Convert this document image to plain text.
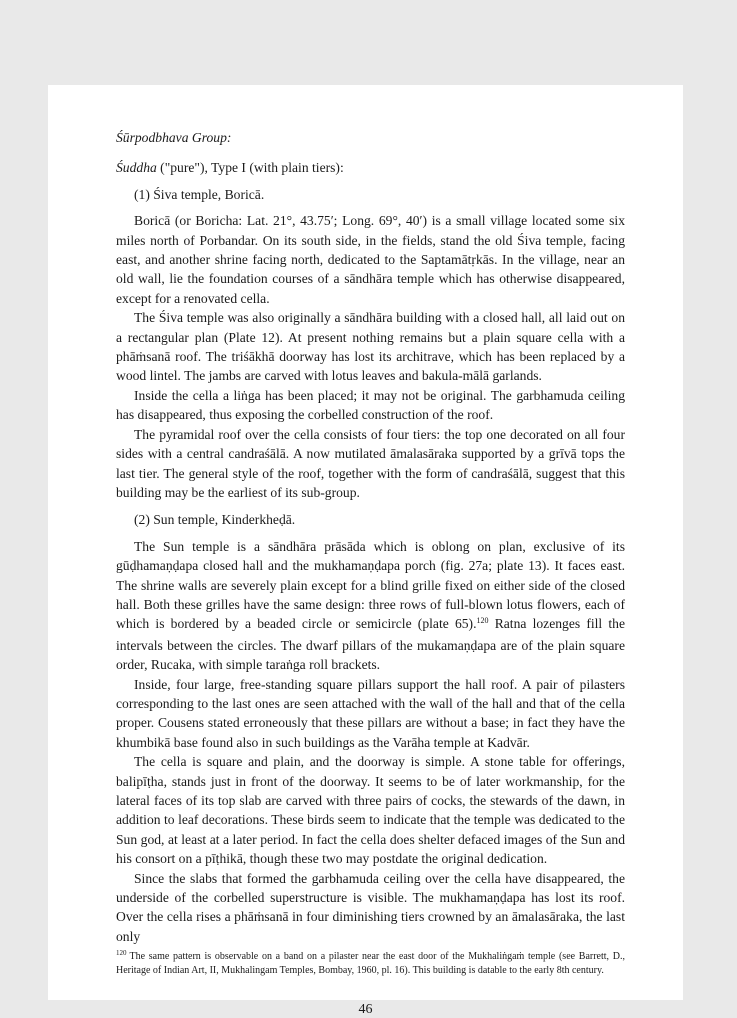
Śūrpodbhava Group:

Śuddha ("pure"), Type I (with plain tiers):

(1) Śiva temple, Boricā.

Boricā (or Boricha: Lat. 21°, 43.75′; Long. 69°, 40′) is a small village located some six miles north of Porbandar. On its south side, in the fields, stand the old Śiva temple, facing east, and another shrine facing north, dedicated to the Saptamātṛkās. In the village, near an old wall, lie the foundation courses of a sāndhāra temple which has otherwise disappeared, except for a renovated cella.

The Śiva temple was also originally a sāndhāra building with a closed hall, all laid out on a rectangular plan (Plate 12). At present nothing remains but a plain square cella with a phāṁsanā roof. The triśākhā doorway has lost its architrave, which has been replaced by a wood lintel. The jambs are carved with lotus leaves and bakula-mālā garlands.

Inside the cella a liṅga has been placed; it may not be original. The garbhamuda ceiling has disappeared, thus exposing the corbelled construction of the roof.

The pyramidal roof over the cella consists of four tiers: the top one decorated on all four sides with a central candraśālā. A now mutilated āmalasāraka supported by a grīvā tops the last tier. The general style of the roof, together with the form of candraśālā, suggest that this building may be the earliest of its sub-group.

(2) Sun temple, Kinderkheḍā.

The Sun temple is a sāndhāra prāsāda which is oblong on plan, exclusive of its gūḍhamaṇḍapa closed hall and the mukhamaṇḍapa porch (fig. 27a; plate 13). It faces east. The shrine walls are severely plain except for a blind grille fixed on either side of the closed hall. Both these grilles have the same design: three rows of full-blown lotus flowers, each of which is bordered by a beaded circle or semicircle (plate 65).$^{120}$ Ratna lozenges fill the intervals between the circles. The dwarf pillars of the mukamaṇḍapa are of the plain square order, Rucaka, with simple taraṅga roll brackets.

Inside, four large, free-standing square pillars support the hall roof. A pair of pilasters corresponding to the last ones are seen attached with the wall of the hall and that of the cella proper. Cousens stated erroneously that these pillars are without a base; in fact they have the khumbikā base found also in such buildings as the Varāha temple at Kadvār.

The cella is square and plain, and the doorway is simple. A stone table for offerings, balipīṭha, stands just in front of the doorway. It seems to be of later workmanship, for the lateral faces of its top slab are carved with three pairs of cocks, the stewards of the dawn, in addition to leaf decorations. These birds seem to indicate that the temple was dedicated to the Sun god, at least at a later period. In fact the cella does shelter defaced images of the Sun and his consort on a pīṭhikā, though these two may postdate the original dedication.

Since the slabs that formed the garbhamuda ceiling over the cella have disappeared, the underside of the corbelled superstructure is visible. The mukhamaṇḍapa has lost its roof. Over the cella rises a phāṁsanā in four diminishing tiers crowned by an āmalasāraka, the last only

$^{120}$ The same pattern is observable on a band on a pilaster near the east door of the Mukhaliṅgaṁ temple (see Barrett, D., Heritage of Indian Art, II, Mukhalingam Temples, Bombay, 1960, pl. 16). This building is datable to the early 8th century.

46
